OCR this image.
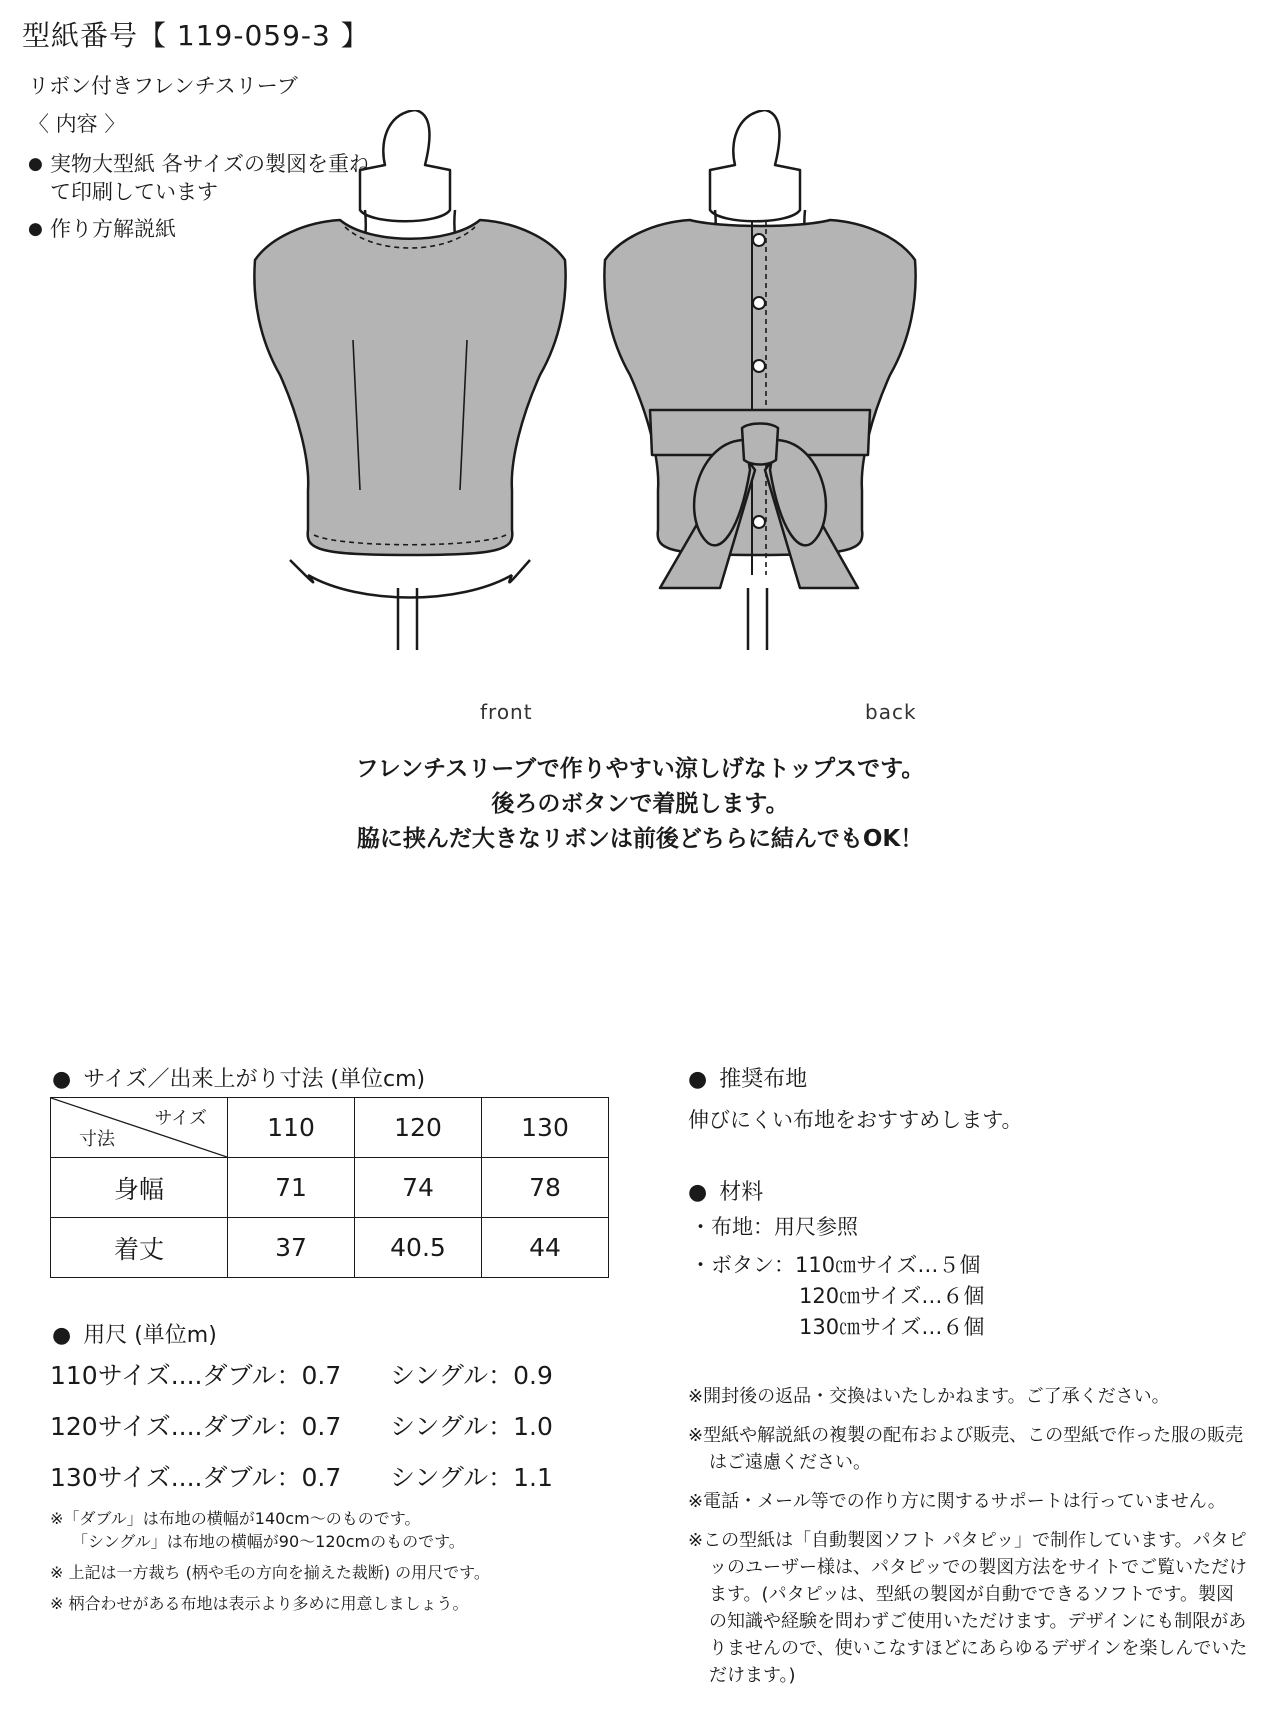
型紙番号【 119-059-3 】
リボン付きフレンチスリーブ
〈 内容 〉
● 実物大型紙 各サイズの製図を重ねて印刷しています
● 作り方解説紙
front	back
フレンチスリーブで作りやすい涼しげなトップスです。
後ろのボタンで着脱します。
脇に挟んだ大きなリボンは前後どちらに結んでもOK！
● サイズ／出来上がり寸法 (単位cm)
サイズ
寸法	110	120	130
身幅	71	74	78
着丈	37	40.5	44
● 用尺 (単位m)
110サイズ....ダブル：0.7 シングル：0.9
120サイズ....ダブル：0.7 シングル：1.0
130サイズ....ダブル：0.7 シングル：1.1
※「ダブル」は布地の横幅が140cm〜のものです。
「シングル」は布地の横幅が90〜120cmのものです。
※ 上記は一方裁ち (柄や毛の方向を揃えた裁断) の用尺です。
※ 柄合わせがある布地は表示より多めに用意しましょう。
● 推奨布地
伸びにくい布地をおすすめします。
● 材料
・布地：用尺参照
・ボタン：110㎝サイズ…５個
120㎝サイズ…６個
130㎝サイズ…６個
※開封後の返品・交換はいたしかねます。ご了承ください。
※型紙や解説紙の複製の配布および販売、この型紙で作った服の販売はご遠慮ください。
※電話・メール等での作り方に関するサポートは行っていません。
※この型紙は「自動製図ソフト パタピッ」で制作しています。パタピッのユーザー様は、パタピッでの製図方法をサイトでご覧いただけます。(パタピッは、型紙の製図が自動でできるソフトです。製図の知識や経験を問わずご使用いただけます。デザインにも制限がありませんので、使いこなすほどにあらゆるデザインを楽しんでいただけます。)
